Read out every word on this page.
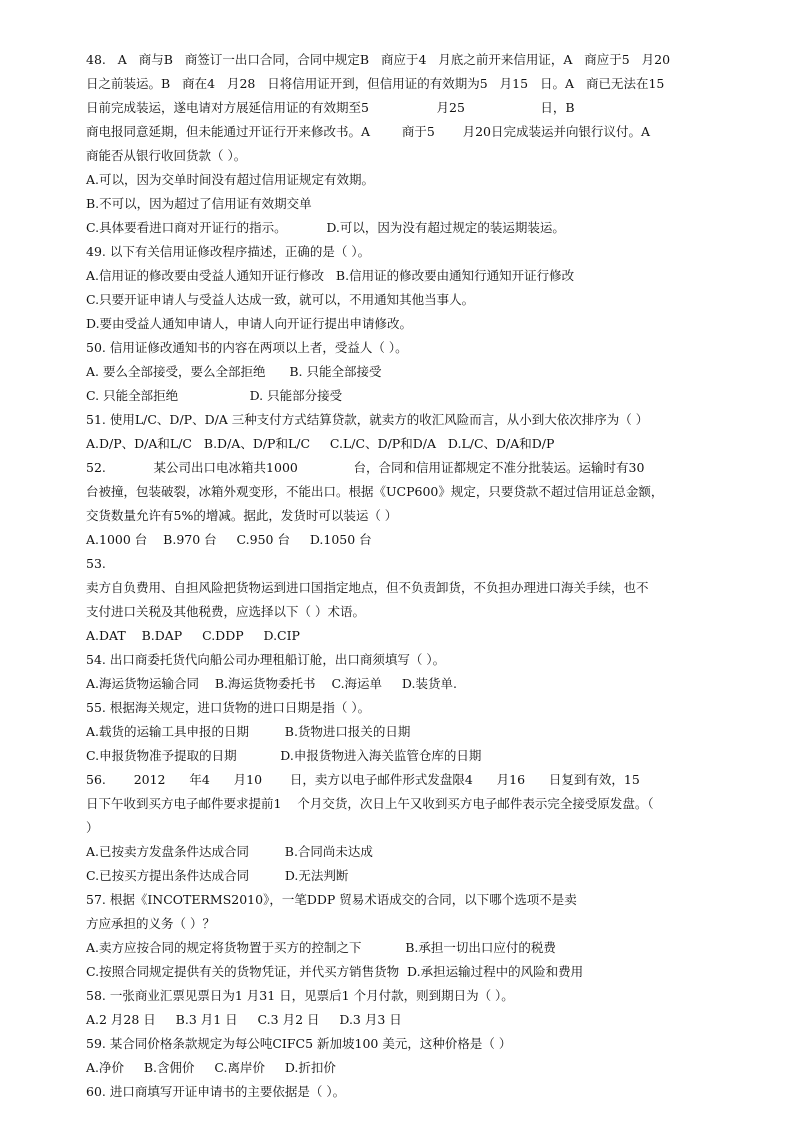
48.   A   商与B   商签订一出口合同，合同中规定B   商应于4   月底之前开来信用证，A   商应于5   月20
日之前装运。B   商在4   月28   日将信用证开到，但信用证的有效期为5   月15   日。A   商已无法在15
日前完成装运，遂电请对方展延信用证的有效期至5                 月25                   日，B
商电报同意延期，但未能通过开证行开来修改书。A        商于5       月20日完成装运并向银行议付。A
商能否从银行收回货款（ ）。
A.可以，因为交单时间没有超过信用证规定有效期。
B.不可以，因为超过了信用证有效期交单
C.具体要看进口商对开证行的指示。          D.可以，因为没有超过规定的装运期装运。
49. 以下有关信用证修改程序描述，正确的是（ ）。
A.信用证的修改要由受益人通知开证行修改   B.信用证的修改要由通知行通知开证行修改
C.只要开证申请人与受益人达成一致，就可以，不用通知其他当事人。
D.要由受益人通知申请人，申请人向开证行提出申请修改。
50. 信用证修改通知书的内容在两项以上者，受益人（ ）。
A. 要么全部接受，要么全部拒绝      B. 只能全部接受
C. 只能全部拒绝                  D. 只能部分接受
51. 使用L/C、D/P、D/A 三种支付方式结算贷款，就卖方的收汇风险而言，从小到大依次排序为（ ）
A.D/P、D/A和L/C   B.D/A、D/P和L/C     C.L/C、D/P和D/A   D.L/C、D/A和D/P
52.            某公司出口电冰箱共1000              台，合同和信用证都规定不准分批装运。运输时有30
台被撞，包装破裂，冰箱外观变形，不能出口。根据《UCP600》规定，只要贷款不超过信用证总金额，
交货数量允许有5%的增减。据此，发货时可以装运（ ）
A.1000 台    B.970 台     C.950 台     D.1050 台
53.
卖方自负费用、自担风险把货物运到进口国指定地点，但不负责卸货，不负担办理进口海关手续，也不
支付进口关税及其他税费，应选择以下（ ）术语。
A.DAT    B.DAP     C.DDP     D.CIP
54. 出口商委托货代向船公司办理租船订舱，出口商须填写（ ）。
A.海运货物运输合同    B.海运货物委托书    C.海运单     D.装货单.
55. 根据海关规定，进口货物的进口日期是指（ ）。
A.载货的运输工具申报的日期         B.货物进口报关的日期
C.申报货物准予提取的日期           D.申报货物进入海关监管仓库的日期
56.       2012      年4      月10       日，卖方以电子邮件形式发盘限4      月16      日复到有效，15
日下午收到买方电子邮件要求提前1    个月交货，次日上午又收到买方电子邮件表示完全接受原发盘。（
）
A.已按卖方发盘条件达成合同         B.合同尚未达成
C.已按买方提出条件达成合同         D.无法判断
57. 根据《INCOTERMS2010》，一笔DDP 贸易术语成交的合同，以下哪个选项不是卖
方应承担的义务（ ）？
A.卖方应按合同的规定将货物置于买方的控制之下           B.承担一切出口应付的税费
C.按照合同规定提供有关的货物凭证，并代买方销售货物  D.承担运输过程中的风险和费用
58. 一张商业汇票见票日为1 月31 日，见票后1 个月付款，则到期日为（ ）。
A.2 月28 日     B.3 月1 日     C.3 月2 日     D.3 月3 日
59. 某合同价格条款规定为每公吨CIFC5 新加坡100 美元，这种价格是（ ）
A.净价     B.含佣价     C.离岸价     D.折扣价
60. 进口商填写开证申请书的主要依据是（ ）。
